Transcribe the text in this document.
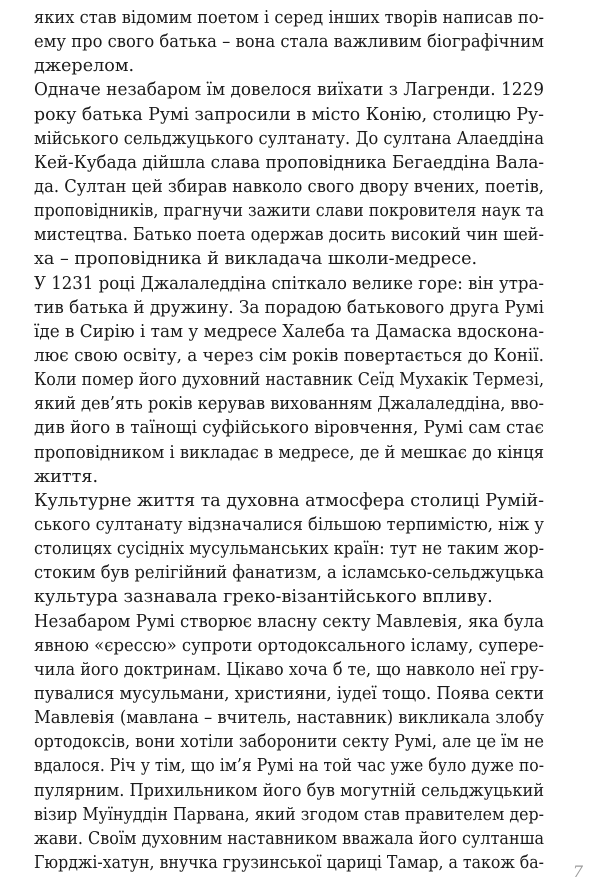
яких став відомим поетом і серед інших творів написав по-
ему про свого батька – вона стала важливим біографічним
джерелом.
Одначе незабаром їм довелося виїхати з Лагренди. 1229
року батька Румі запросили в місто Конію, столицю Ру-
мійського сельджуцького султанату. До султана Алаеддіна
Кей-Кубада дійшла слава проповідника Бегаеддіна Вала-
да. Султан цей збирав навколо свого двору вчених, поетів,
проповідників, прагнучи зажити слави покровителя наук та
мистецтва. Батько поета одержав досить високий чин шей-
ха – проповідника й викладача школи-медресе.
У 1231 році Джалаледдіна спіткало велике горе: він утра-
тив батька й дружину. За порадою батькового друга Румі
їде в Сирію і там у медресе Халеба та Дамаска вдоскона-
лює свою освіту, а через сім років повертається до Конії.
Коли помер його духовний наставник Сеїд Мухакік Термезі,
який дев’ять років керував вихованням Джалаледдіна, вво-
див його в таїнощі суфійського віровчення, Румі сам стає
проповідником і викладає в медресе, де й мешкає до кінця
життя.
Культурне життя та духовна атмосфера столиці Румій-
ського султанату відзначалися більшою терпимістю, ніж у
столицях сусідніх мусульманських країн: тут не таким жор-
стоким був релігійний фанатизм, а ісламсько-сельджуцька
культура зазнавала греко-візантійського впливу.
Незабаром Румі створює власну секту Мавлевія, яка була
явною «єрессю» супроти ортодоксального ісламу, супере-
чила його доктринам. Цікаво хоча б те, що навколо неї гру-
пувалися мусульмани, християни, іудеї тощо. Поява секти
Мавлевія (мавлана – вчитель, наставник) викликала злобу
ортодоксів, вони хотіли заборонити секту Румі, але це їм не
вдалося. Річ у тім, що ім’я Румі на той час уже було дуже по-
пулярним. Прихильником його був могутній сельджуцький
візир Муїнуддін Парвана, який згодом став правителем дер-
жави. Своїм духовним наставником вважала його султанша
Гюрджі-хатун, внучка грузинської цариці Тамар, а також ба- 7
